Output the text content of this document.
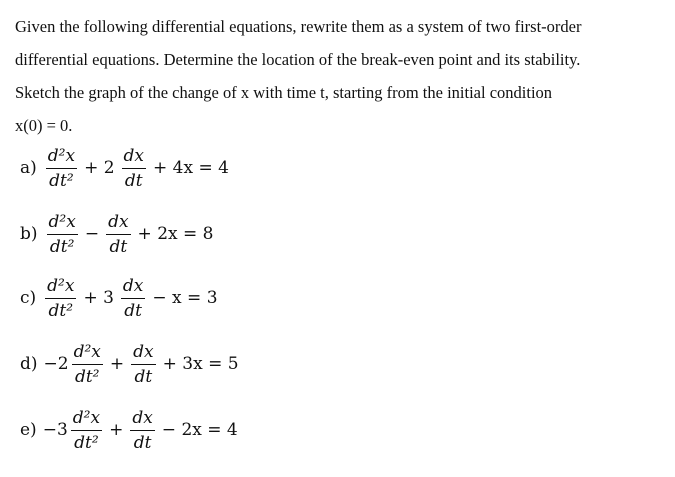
Given the following differential equations, rewrite them as a system of two first-order
differential equations. Determine the location of the break-even point and its stability.
Sketch the graph of the change of x with time t, starting from the initial condition
x(0) = 0.
$a) \frac{\text{d²x}}{\text{dt²}} + 2 \frac{dx}{dt} + 4x = 4$
$b) \frac{\text{d²x}}{\text{dt²}} - \frac{dx}{dt} + 2x = 8$
$c) \frac{\text{d²x}}{\text{dt²}} + 3 \frac{dx}{dt} - x = 3$
$d) -2 \frac{\text{d²x}}{\text{dt²}} + \frac{dx}{dt} + 3x = 5$
$e) -3 \frac{\text{d²x}}{\text{dt²}} + \frac{dx}{dt} - 2x = 4$
